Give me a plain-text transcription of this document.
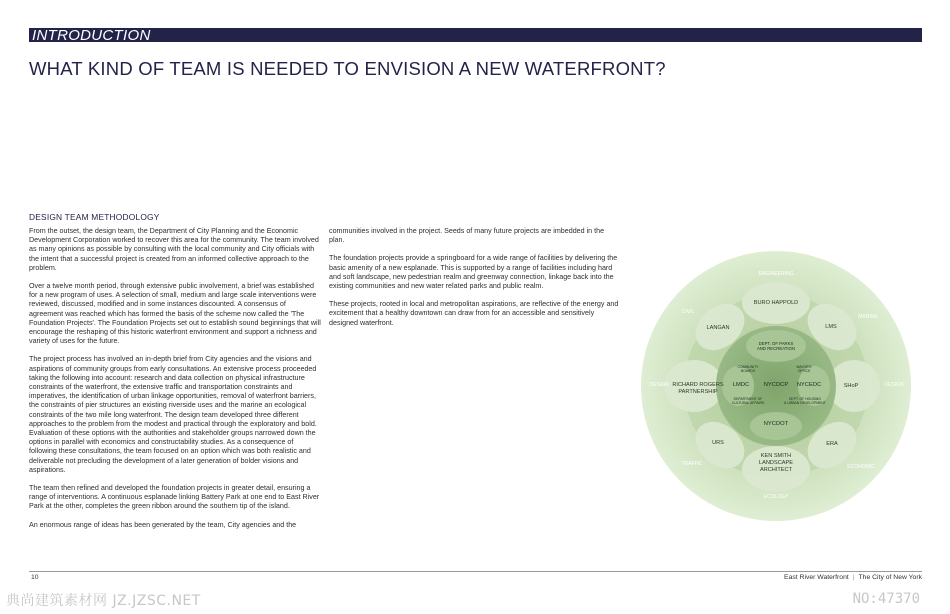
INTRODUCTION
WHAT KIND OF TEAM IS NEEDED TO ENVISION A NEW WATERFRONT?
DESIGN TEAM METHODOLOGY

From the outset, the design team, the Department of City Planning and the Economic Development Corporation worked to recover this area for the community. The team involved as many opinions as possible by consulting with the local community and City officials with the intent that a successful project is created from an informed collective approach to the problem.

Over a twelve month period, through extensive public involvement, a brief was established for a new program of uses. A selection of small, medium and large scale interventions were reviewed, discussed, modified and in some instances discounted. A consensus of agreement was reached which has formed the basis of the scheme now called the 'The Foundation Projects'. The Foundation Projects set out to establish sound beginnings that will encourage the reshaping of this historic waterfront environment and support a richness and variety of uses for the future.

The project process has involved an in-depth brief from City agencies and the visions and aspirations of community groups from early consultations. An extensive process proceeded taking the following into account: research and data collection on physical infrastructure constraints of the waterfront, the extensive traffic and transportation constraints and imperatives, the identification of urban linkage opportunities, removal of waterfront barriers, the constraints of pier structures an existing riverside uses and the marine an ecological constraints of the two mile long waterfront. The design team developed three different approaches to the problem from the modest and practical through the exploratory and bold. Evaluation of these options with the authorities and stakeholder groups narrowed down the options in parallel with economics and constructability studies. As a consequence of following these consultations, the team focused on an option which was both realistic and deliverable not precluding the development of a later generation of bolder visions and aspirations.

The team then refined and developed the foundation projects in greater detail, ensuring a range of interventions. A continuous esplanade linking Battery Park at one end to East River Park at the other, completes the green ribbon around the southern tip of the island.

An enormous range of ideas has been generated by the team, City agencies and the

communities involved in the project. Seeds of many future projects are imbedded in the plan.

The foundation projects provide a springboard for a wide range of facilities by delivering the basic amenity of a new esplanade. This is supported by a range of facilities including hard and soft landscape, new pedestrian realm and greenway connection, linkage back into the existing communities and new water related parks and public realm.

These projects, rooted in local and metropolitan aspirations, are reflective of the energy and excitement that a healthy downtown can draw from for an accessible and sensitively designed waterfront.

ENGINEERING
MARINE
DESIGN
ECONOMIC
ECOLOGY
TRAFFIC
DESIGN
CIVIL
BURO HAPPOLD
LMS
SHoP
ERA
KEN SMITH
LANDSCAPE
ARCHITECT
URS
RICHARD ROGERS
PARTNERSHIP
LANGAN
DEPT. OF PARKS
AND RECREATION
COMMUNITY
BOARDS
MAYOR'S
OFFICE
LMDC	NYCDCP NYCEDC
DEPARTMENT OF
CULTURAL AFFAIRS
DEPT. OF HOUSING
& URBAN DEVELOPMENT
NYCDOT
10	East River Waterfront | The City of New York
典尚建筑素材网 JZ.JZSC.NET	NO:47370
